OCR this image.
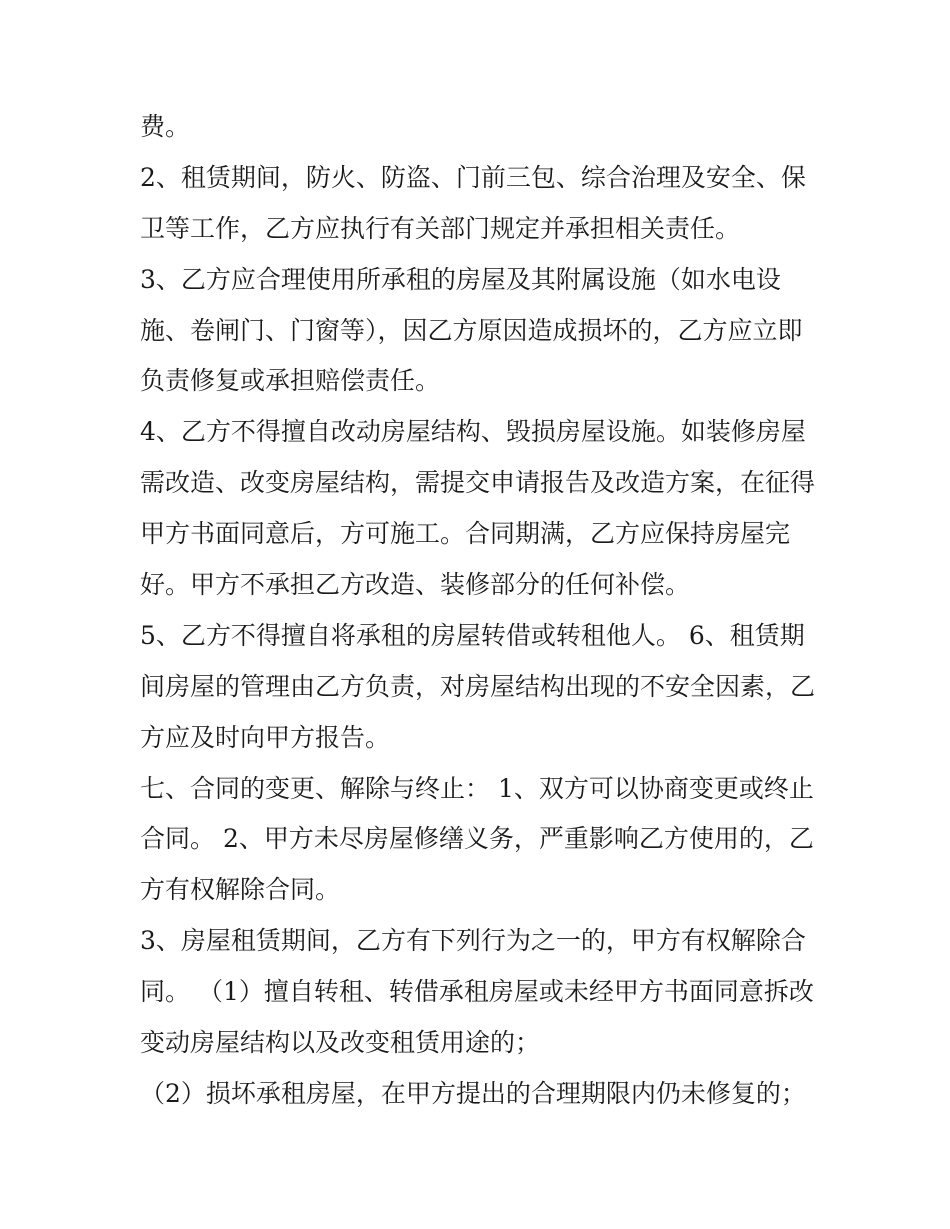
费。
2、租赁期间，防火、防盗、门前三包、综合治理及安全、保
卫等工作，乙方应执行有关部门规定并承担相关责任。
3、乙方应合理使用所承租的房屋及其附属设施（如水电设
施、卷闸门、门窗等），因乙方原因造成损坏的，乙方应立即
负责修复或承担赔偿责任。
4、乙方不得擅自改动房屋结构、毁损房屋设施。如装修房屋
需改造、改变房屋结构，需提交申请报告及改造方案，在征得
甲方书面同意后，方可施工。合同期满，乙方应保持房屋完
好。甲方不承担乙方改造、装修部分的任何补偿。
5、乙方不得擅自将承租的房屋转借或转租他人。 6、租赁期
间房屋的管理由乙方负责，对房屋结构出现的不安全因素，乙
方应及时向甲方报告。
七、合同的变更、解除与终止： 1、双方可以协商变更或终止
合同。 2、甲方未尽房屋修缮义务，严重影响乙方使用的，乙
方有权解除合同。
3、房屋租赁期间，乙方有下列行为之一的，甲方有权解除合
同。 （1）擅自转租、转借承租房屋或未经甲方书面同意拆改
变动房屋结构以及改变租赁用途的；
（2）损坏承租房屋，在甲方提出的合理期限内仍未修复的；
